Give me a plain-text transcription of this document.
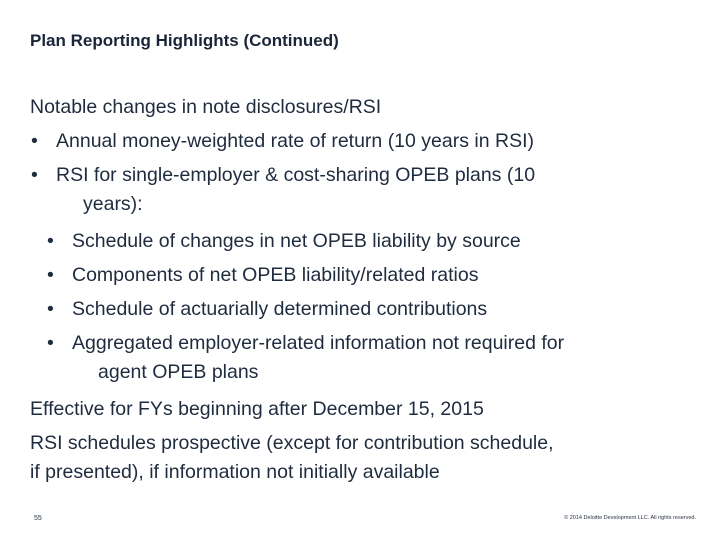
Plan Reporting Highlights (Continued)
Notable changes in note disclosures/RSI
• Annual money-weighted rate of return (10 years in RSI)
• RSI for single-employer & cost-sharing OPEB plans (10
years):
• Schedule of changes in net OPEB liability by source
• Components of net OPEB liability/related ratios
• Schedule of actuarially determined contributions
• Aggregated employer-related information not required for
agent OPEB plans
Effective for FYs beginning after December 15, 2015
RSI schedules prospective (except for contribution schedule,
if presented), if information not initially available
55	© 2014 Deloitte Development LLC. All rights reserved.
